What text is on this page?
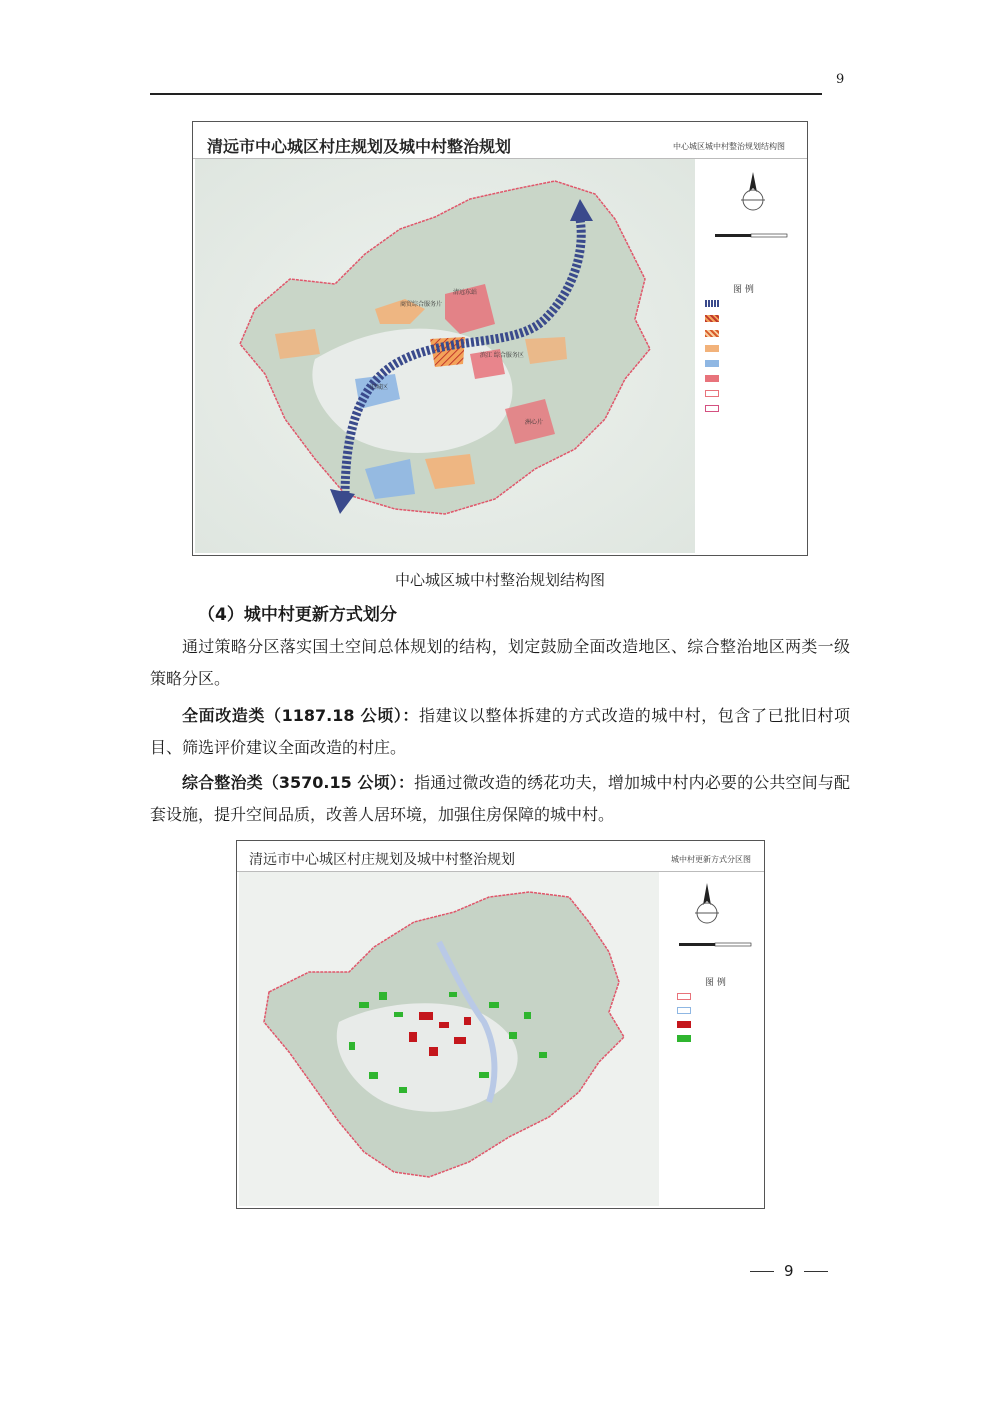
9
清远市中心城区村庄规划及城中村整治规划	中心城区城中村整治规划结构图
商贸综合服务片
清远东站
滨江 综合服务区
旧城区
洲心片
图 例
中心城区城中村整治规划结构图
（4）城中村更新方式划分
通过策略分区落实国土空间总体规划的结构，划定鼓励全面改造地区、综合整治地区两类一级策略分区。
全面改造类（1187.18 公顷）：指建议以整体拆建的方式改造的城中村，包含了已批旧村项目、筛选评价建议全面改造的村庄。
综合整治类（3570.15 公顷）：指通过微改造的绣花功夫，增加城中村内必要的公共空间与配套设施，提升空间品质，改善人居环境，加强住房保障的城中村。
清远市中心城区村庄规划及城中村整治规划	城中村更新方式分区图
图 例
9
